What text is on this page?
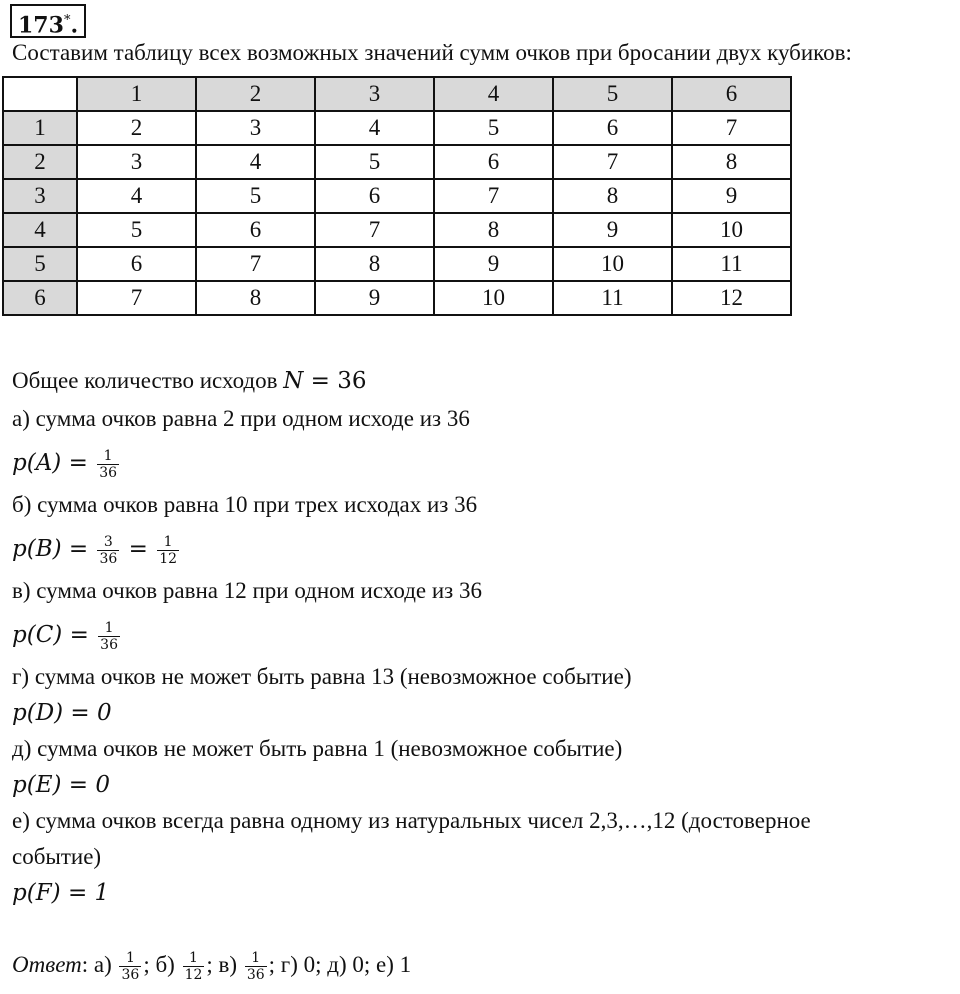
173*.
Составим таблицу всех возможных значений сумм очков при бросании двух кубиков:
	1	2	3	4	5	6
1	2	3	4	5	6	7
2	3	4	5	6	7	8
3	4	5	6	7	8	9
4	5	6	7	8	9	10
5	6	7	8	9	10	11
6	7	8	9	10	11	12
Общее количество исходов N = 36
а) сумма очков равна 2 при одном исходе из 36
$p(A) = \frac{1}{36}$
б) сумма очков равна 10 при трех исходах из 36
$p(B) = \frac{3}{36} = \frac{1}{12}$
в) сумма очков равна 12 при одном исходе из 36
$p(C) = \frac{1}{36}$
г) сумма очков не может быть равна 13 (невозможное событие)
p(D) = 0
д) сумма очков не может быть равна 1 (невозможное событие)
p(E) = 0
е) сумма очков всегда равна одному из натуральных чисел 2,3,…,12 (достоверное
событие)
p(F) = 1
Ответ: $а) \frac{1}{36}$ ; $б) \frac{1}{12}$ ; $в) \frac{1}{36}$ ; г) 0; д) 0; е) 1
